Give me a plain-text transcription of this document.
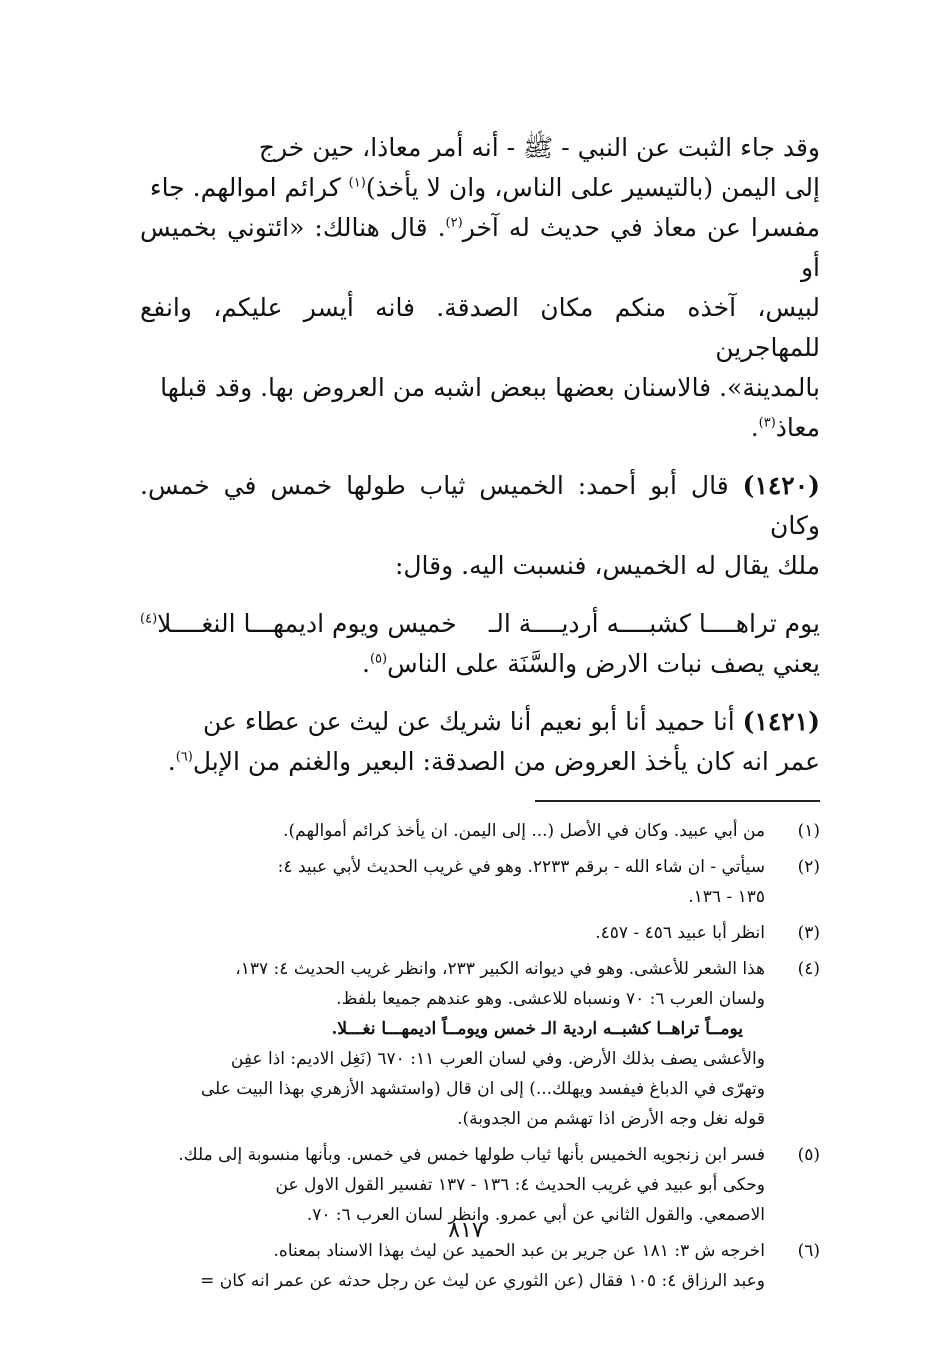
وقد جاء الثبت عن النبي - ﷺ - أنه أمر معاذا، حين خرج
إلى اليمن (بالتيسير على الناس، وان لا يأخذ)$^{(١)}$ كرائم اموالهم. جاء
مفسرا عن معاذ في حديث له آخر$^{(٢)}$. قال هنالك: «ائتوني بخميس أو
لبيس، آخذه منكم مكان الصدقة. فانه أيسر عليكم، وانفع للمهاجرين
بالمدينة». فالاسنان بعضها ببعض اشبه من العروض بها. وقد قبلها
معاذ$^{(٣)}$.

(١٤٢٠) قال أبو أحمد: الخميس ثياب طولها خمس في خمس. وكان
ملك يقال له الخميس، فنسبت اليه. وقال:

يوم تراهــــا كشبــــه أرديــــة الـ
خميس ويوم اديمهـــا النغــــلا$^{(٤)}$

يعني يصف نبات الارض والسَّنَة على الناس$^{(٥)}$.

(١٤٢١) أنا حميد أنا أبو نعيم أنا شريك عن ليث عن عطاء عن
عمر انه كان يأخذ العروض من الصدقة: البعير والغنم من الإبل$^{(٦)}$.

(١)
من أبي عبيد. وكان في الأصل (... إلى اليمن. ان يأخذ كرائم أموالهم).
(٢)
سيأتي - ان شاء الله - برقم ٢٢٣٣. وهو في غريب الحديث لأبي عبيد ٤:
١٣٥ - ١٣٦.
(٣)
انظر أبا عبيد ٤٥٦ - ٤٥٧.
(٤)
هذا الشعر للأعشى. وهو في ديوانه الكبير ٢٣٣، وانظر غريب الحديث ٤: ١٣٧،
ولسان العرب ٦: ٧٠ ونسباه للاعشى. وهو عندهم جميعا بلفظ.
يومــاً تراهــا كشبــه اردية الـ خمس ويومــاً اديمهـــا نغـــلا.
والأعشى يصف بذلك الأرض. وفي لسان العرب ١١: ٦٧٠ (نَغِل الاديم: اذا عفِن
وتهرّى في الدباغ فيفسد ويهلك...) إلى ان قال (واستشهد الأزهري بهذا البيت على
قوله نغل وجه الأرض اذا تهشم من الجدوبة).
(٥)
فسر ابن زنجويه الخميس بأنها ثياب طولها خمس في خمس. وبأنها منسوبة إلى ملك.
وحكى أبو عبيد في غريب الحديث ٤: ١٣٦ - ١٣٧ تفسير القول الاول عن
الاصمعي. والقول الثاني عن أبي عمرو. وانظر لسان العرب ٦: ٧٠.
(٦)
اخرجه ش ٣: ١٨١ عن جرير بن عبد الحميد عن ليث بهذا الاسناد بمعناه.
وعبد الرزاق ٤: ١٠٥ فقال (عن الثوري عن ليث عن رجل حدثه عن عمر انه كان =
٨١٧
